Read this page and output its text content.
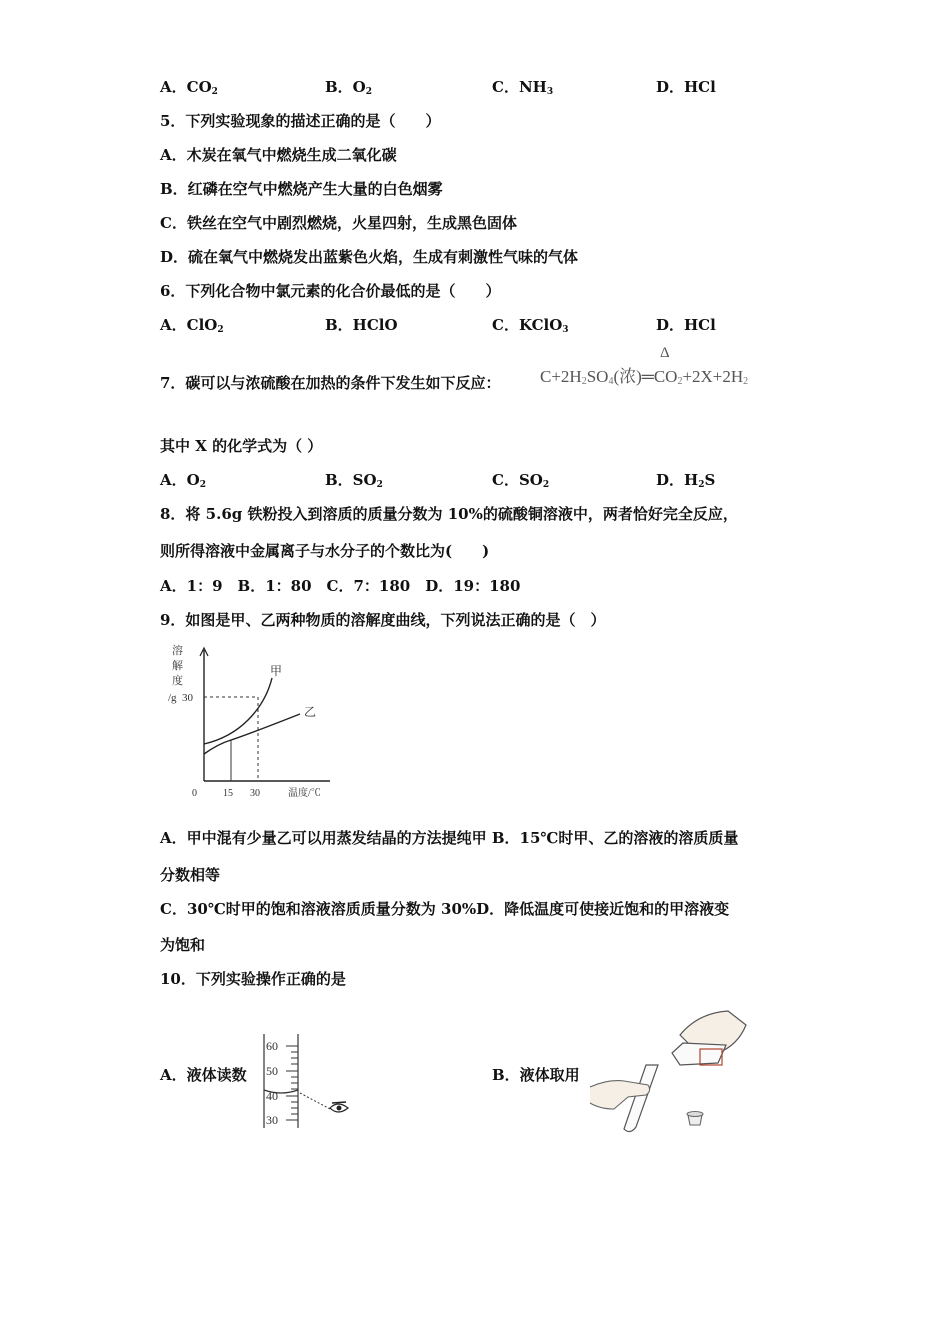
A．$CO_2$	B．$O_2$	C．$NH_3$	D．HCl
5．下列实验现象的描述正确的是（　　）
A．木炭在氧气中燃烧生成二氧化碳
B．红磷在空气中燃烧产生大量的白色烟雾
C．铁丝在空气中剧烈燃烧，火星四射，生成黑色固体
D．硫在氧气中燃烧发出蓝紫色火焰，生成有刺激性气味的气体
6．下列化合物中氯元素的化合价最低的是（　　）
A．ClO$_2$	B．HClO	C．KClO$_3$	D．HCl
7．碳可以与浓硫酸在加热的条件下发生如下反应：
Δ
$C+2H_2SO_4$(浓)$═CO_2+2X+2H_2$
其中 X 的化学式为（ ）
A．$O_2$	B．$SO_2$	C．$SO_2$	D．$H_2S$
8．将 5.6g 铁粉投入到溶质的质量分数为 10%的硫酸铜溶液中，两者恰好完全反应，
则所得溶液中金属离子与水分子的个数比为(　　)
A．1：9　B．1：80　C．7：180　D．19：180
9．如图是甲、乙两种物质的溶解度曲线，下列说法正确的是（　）
溶
解
度
/g 30
甲
乙
0	15 30	温度/℃
A．甲中混有少量乙可以用蒸发结晶的方法提纯甲 B．15℃时甲、乙的溶液的溶质质量
分数相等
C．30℃时甲的饱和溶液溶质质量分数为 30%D．降低温度可使接近饱和的甲溶液变
为饱和
10．下列实验操作正确的是
A．液体读数
60
50
40
30
B．液体取用
